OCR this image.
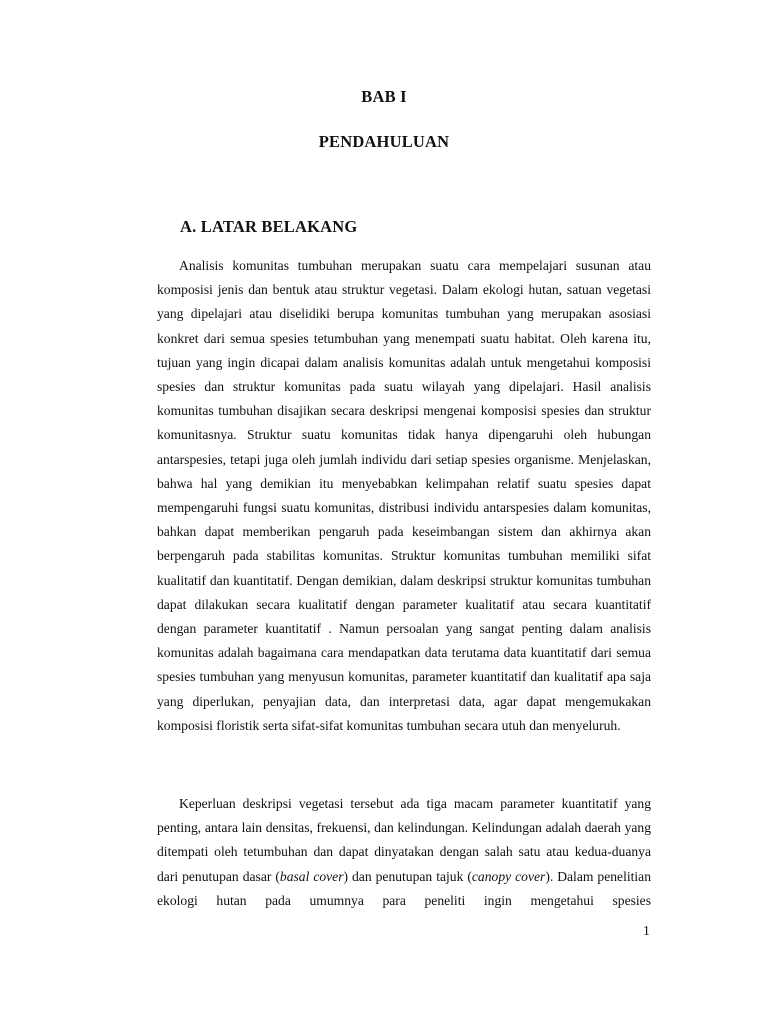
BAB I
PENDAHULUAN
A. LATAR BELAKANG

Analisis komunitas tumbuhan merupakan suatu cara mempelajari susunan atau komposisi jenis dan bentuk atau struktur vegetasi. Dalam ekologi hutan, satuan vegetasi yang dipelajari atau diselidiki berupa komunitas tumbuhan yang merupakan asosiasi konkret dari semua spesies tetumbuhan yang menempati suatu habitat. Oleh karena itu, tujuan yang ingin dicapai dalam analisis komunitas adalah untuk mengetahui komposisi spesies dan struktur komunitas pada suatu wilayah yang dipelajari. Hasil analisis komunitas tumbuhan disajikan secara deskripsi mengenai komposisi spesies dan struktur komunitasnya. Struktur suatu komunitas tidak hanya dipengaruhi oleh hubungan antarspesies, tetapi juga oleh jumlah individu dari setiap spesies organisme. Menjelaskan, bahwa hal yang demikian itu menyebabkan kelimpahan relatif suatu spesies dapat mempengaruhi fungsi suatu komunitas, distribusi individu antarspesies dalam komunitas, bahkan dapat memberikan pengaruh pada keseimbangan sistem dan akhirnya akan berpengaruh pada stabilitas komunitas. Struktur komunitas tumbuhan memiliki sifat kualitatif dan kuantitatif. Dengan demikian, dalam deskripsi struktur komunitas tumbuhan dapat dilakukan secara kualitatif dengan parameter kualitatif atau secara kuantitatif dengan parameter kuantitatif . Namun persoalan yang sangat penting dalam analisis komunitas adalah bagaimana cara mendapatkan data terutama data kuantitatif dari semua spesies tumbuhan yang menyusun komunitas, parameter kuantitatif dan kualitatif apa saja yang diperlukan, penyajian data, dan interpretasi data, agar dapat mengemukakan
komposisi floristik serta sifat-sifat komunitas tumbuhan secara utuh dan menyeluruh.

Keperluan deskripsi vegetasi tersebut ada tiga macam parameter kuantitatif yang penting, antara lain densitas, frekuensi, dan kelindungan. Kelindungan adalah daerah yang ditempati oleh tetumbuhan dan dapat dinyatakan dengan salah satu atau kedua-duanya dari penutupan dasar (basal cover) dan penutupan tajuk (canopy cover). Dalam penelitian ekologi hutan pada umumnya para peneliti ingin mengetahui spesies

1
